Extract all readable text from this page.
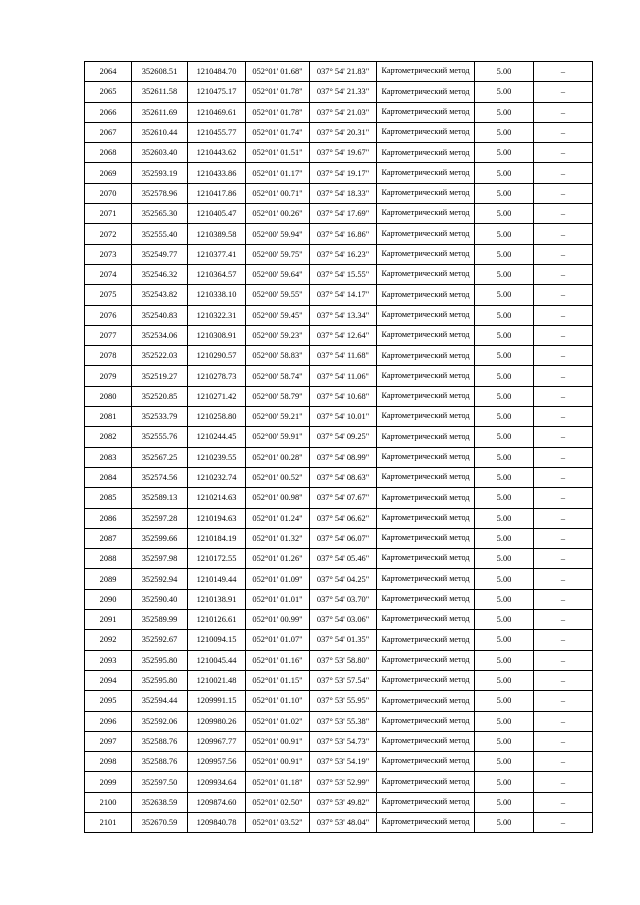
2064	352608.51	1210484.70	052°01' 01.68"	037° 54' 21.83"	Картометрический метод	5.00	–
2065	352611.58	1210475.17	052°01' 01.78"	037° 54' 21.33"	Картометрический метод	5.00	–
2066	352611.69	1210469.61	052°01' 01.78"	037° 54' 21.03"	Картометрический метод	5.00	–
2067	352610.44	1210455.77	052°01' 01.74"	037° 54' 20.31"	Картометрический метод	5.00	–
2068	352603.40	1210443.62	052°01' 01.51"	037° 54' 19.67"	Картометрический метод	5.00	–
2069	352593.19	1210433.86	052°01' 01.17"	037° 54' 19.17"	Картометрический метод	5.00	–
2070	352578.96	1210417.86	052°01' 00.71"	037° 54' 18.33"	Картометрический метод	5.00	–
2071	352565.30	1210405.47	052°01' 00.26"	037° 54' 17.69"	Картометрический метод	5.00	–
2072	352555.40	1210389.58	052°00' 59.94"	037° 54' 16.86"	Картометрический метод	5.00	–
2073	352549.77	1210377.41	052°00' 59.75"	037° 54' 16.23"	Картометрический метод	5.00	–
2074	352546.32	1210364.57	052°00' 59.64"	037° 54' 15.55"	Картометрический метод	5.00	–
2075	352543.82	1210338.10	052°00' 59.55"	037° 54' 14.17"	Картометрический метод	5.00	–
2076	352540.83	1210322.31	052°00' 59.45"	037° 54' 13.34"	Картометрический метод	5.00	–
2077	352534.06	1210308.91	052°00' 59.23"	037° 54' 12.64"	Картометрический метод	5.00	–
2078	352522.03	1210290.57	052°00' 58.83"	037° 54' 11.68"	Картометрический метод	5.00	–
2079	352519.27	1210278.73	052°00' 58.74"	037° 54' 11.06"	Картометрический метод	5.00	–
2080	352520.85	1210271.42	052°00' 58.79"	037° 54' 10.68"	Картометрический метод	5.00	–
2081	352533.79	1210258.80	052°00' 59.21"	037° 54' 10.01"	Картометрический метод	5.00	–
2082	352555.76	1210244.45	052°00' 59.91"	037° 54' 09.25"	Картометрический метод	5.00	–
2083	352567.25	1210239.55	052°01' 00.28"	037° 54' 08.99"	Картометрический метод	5.00	–
2084	352574.56	1210232.74	052°01' 00.52"	037° 54' 08.63"	Картометрический метод	5.00	–
2085	352589.13	1210214.63	052°01' 00.98"	037° 54' 07.67"	Картометрический метод	5.00	–
2086	352597.28	1210194.63	052°01' 01.24"	037° 54' 06.62"	Картометрический метод	5.00	–
2087	352599.66	1210184.19	052°01' 01.32"	037° 54' 06.07"	Картометрический метод	5.00	–
2088	352597.98	1210172.55	052°01' 01.26"	037° 54' 05.46"	Картометрический метод	5.00	–
2089	352592.94	1210149.44	052°01' 01.09"	037° 54' 04.25"	Картометрический метод	5.00	–
2090	352590.40	1210138.91	052°01' 01.01"	037° 54' 03.70"	Картометрический метод	5.00	–
2091	352589.99	1210126.61	052°01' 00.99"	037° 54' 03.06"	Картометрический метод	5.00	–
2092	352592.67	1210094.15	052°01' 01.07"	037° 54' 01.35"	Картометрический метод	5.00	–
2093	352595.80	1210045.44	052°01' 01.16"	037° 53' 58.80"	Картометрический метод	5.00	–
2094	352595.80	1210021.48	052°01' 01.15"	037° 53' 57.54"	Картометрический метод	5.00	–
2095	352594.44	1209991.15	052°01' 01.10"	037° 53' 55.95"	Картометрический метод	5.00	–
2096	352592.06	1209980.26	052°01' 01.02"	037° 53' 55.38"	Картометрический метод	5.00	–
2097	352588.76	1209967.77	052°01' 00.91"	037° 53' 54.73"	Картометрический метод	5.00	–
2098	352588.76	1209957.56	052°01' 00.91"	037° 53' 54.19"	Картометрический метод	5.00	–
2099	352597.50	1209934.64	052°01' 01.18"	037° 53' 52.99"	Картометрический метод	5.00	–
2100	352638.59	1209874.60	052°01' 02.50"	037° 53' 49.82"	Картометрический метод	5.00	–
2101	352670.59	1209840.78	052°01' 03.52"	037° 53' 48.04"	Картометрический метод	5.00	–
